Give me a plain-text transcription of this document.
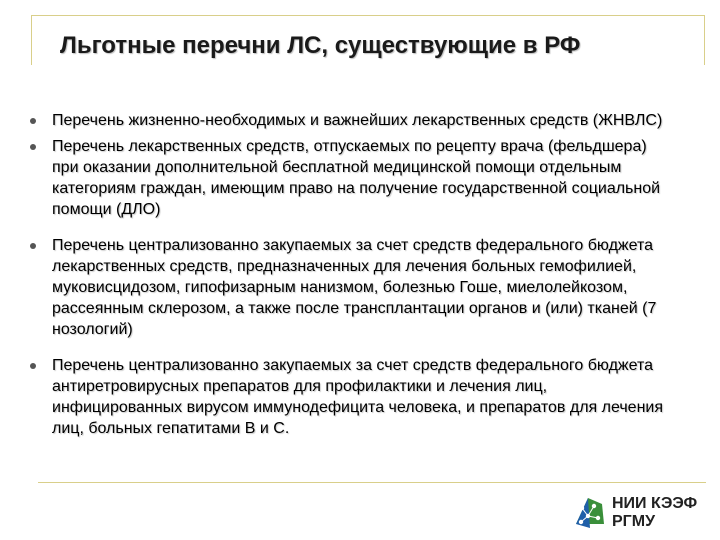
Льготные перечни ЛС, существующие в РФ
Перечень жизненно-необходимых и важнейших лекарственных средств (ЖНВЛС)
Перечень лекарственных средств, отпускаемых по рецепту врача (фельдшера) при оказании дополнительной бесплатной медицинской помощи отдельным категориям граждан, имеющим право на получение государственной социальной помощи (ДЛО)
Перечень централизованно закупаемых за счет средств федерального бюджета лекарственных средств, предназначенных для лечения больных гемофилией, муковисцидозом, гипофизарным нанизмом, болезнью Гоше, миелолейкозом, рассеянным склерозом, а также после трансплантации органов и (или) тканей (7 нозологий)
Перечень централизованно закупаемых за счет средств федерального бюджета антиретровирусных препаратов для профилактики и лечения лиц, инфицированных вирусом иммунодефицита человека, и препаратов для лечения лиц, больных гепатитами B и C.
НИИ КЭЭФ
РГМУ
